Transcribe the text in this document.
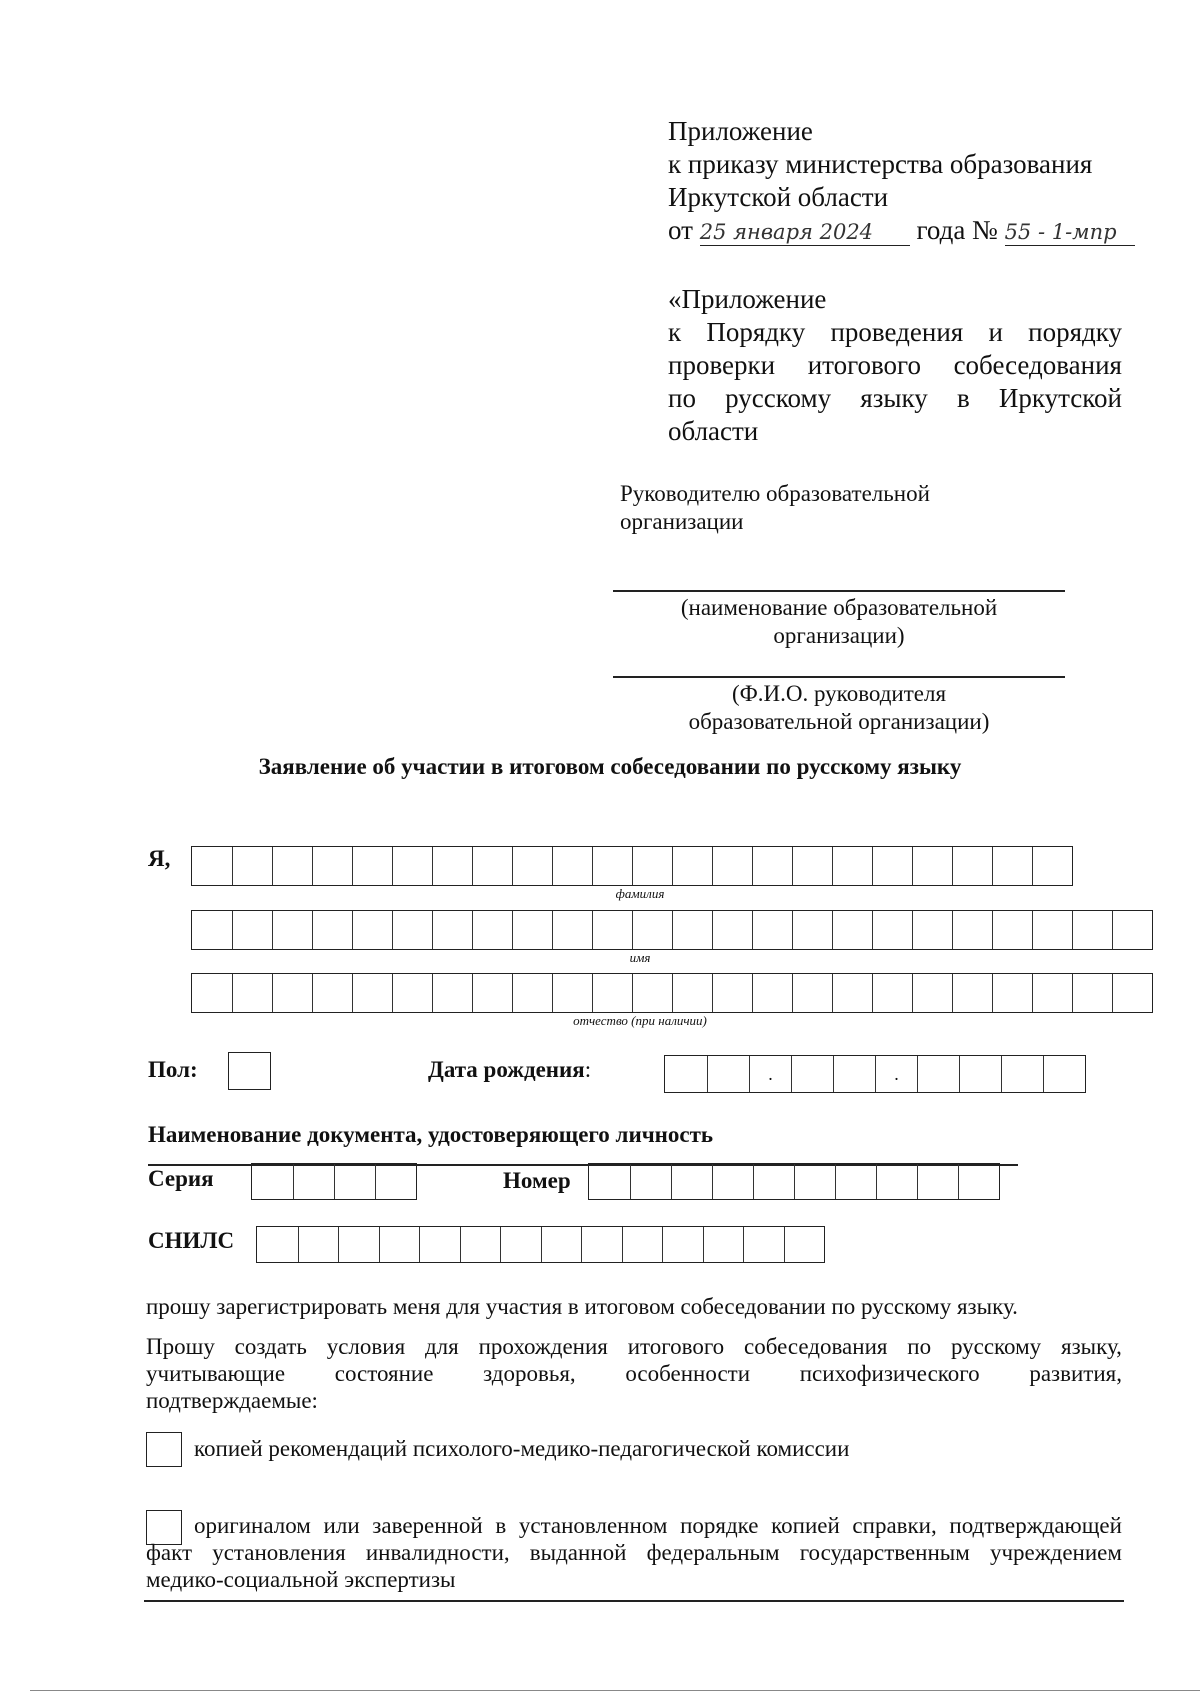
Приложение
к приказу министерства образования
Иркутской области
от 25 января 2024 года № 55 - 1-мпр
«Приложение
к Порядку проведения и порядку
проверки итогового собеседования
по русскому языку в Иркутской
области
Руководителю образовательной
организации
(наименование образовательной
организации)
(Ф.И.О. руководителя
образовательной организации)
Заявление об участии в итоговом собеседовании по русскому языку
Я,
фамилия
имя
отчество (при наличии)
Пол:	Дата рождения:	.	.
Наименование документа, удостоверяющего личность
Серия	Номер
СНИЛС
прошу зарегистрировать меня для участия в итоговом собеседовании по русскому языку.
Прошу создать условия для прохождения итогового собеседования по русскому языку,
учитывающие состояние здоровья, особенности психофизического развития,
подтверждаемые:
копией рекомендаций психолого-медико-педагогической комиссии
оригиналом или заверенной в установленном порядке копией справки, подтверждающей
факт установления инвалидности, выданной федеральным государственным учреждением
медико-социальной экспертизы
